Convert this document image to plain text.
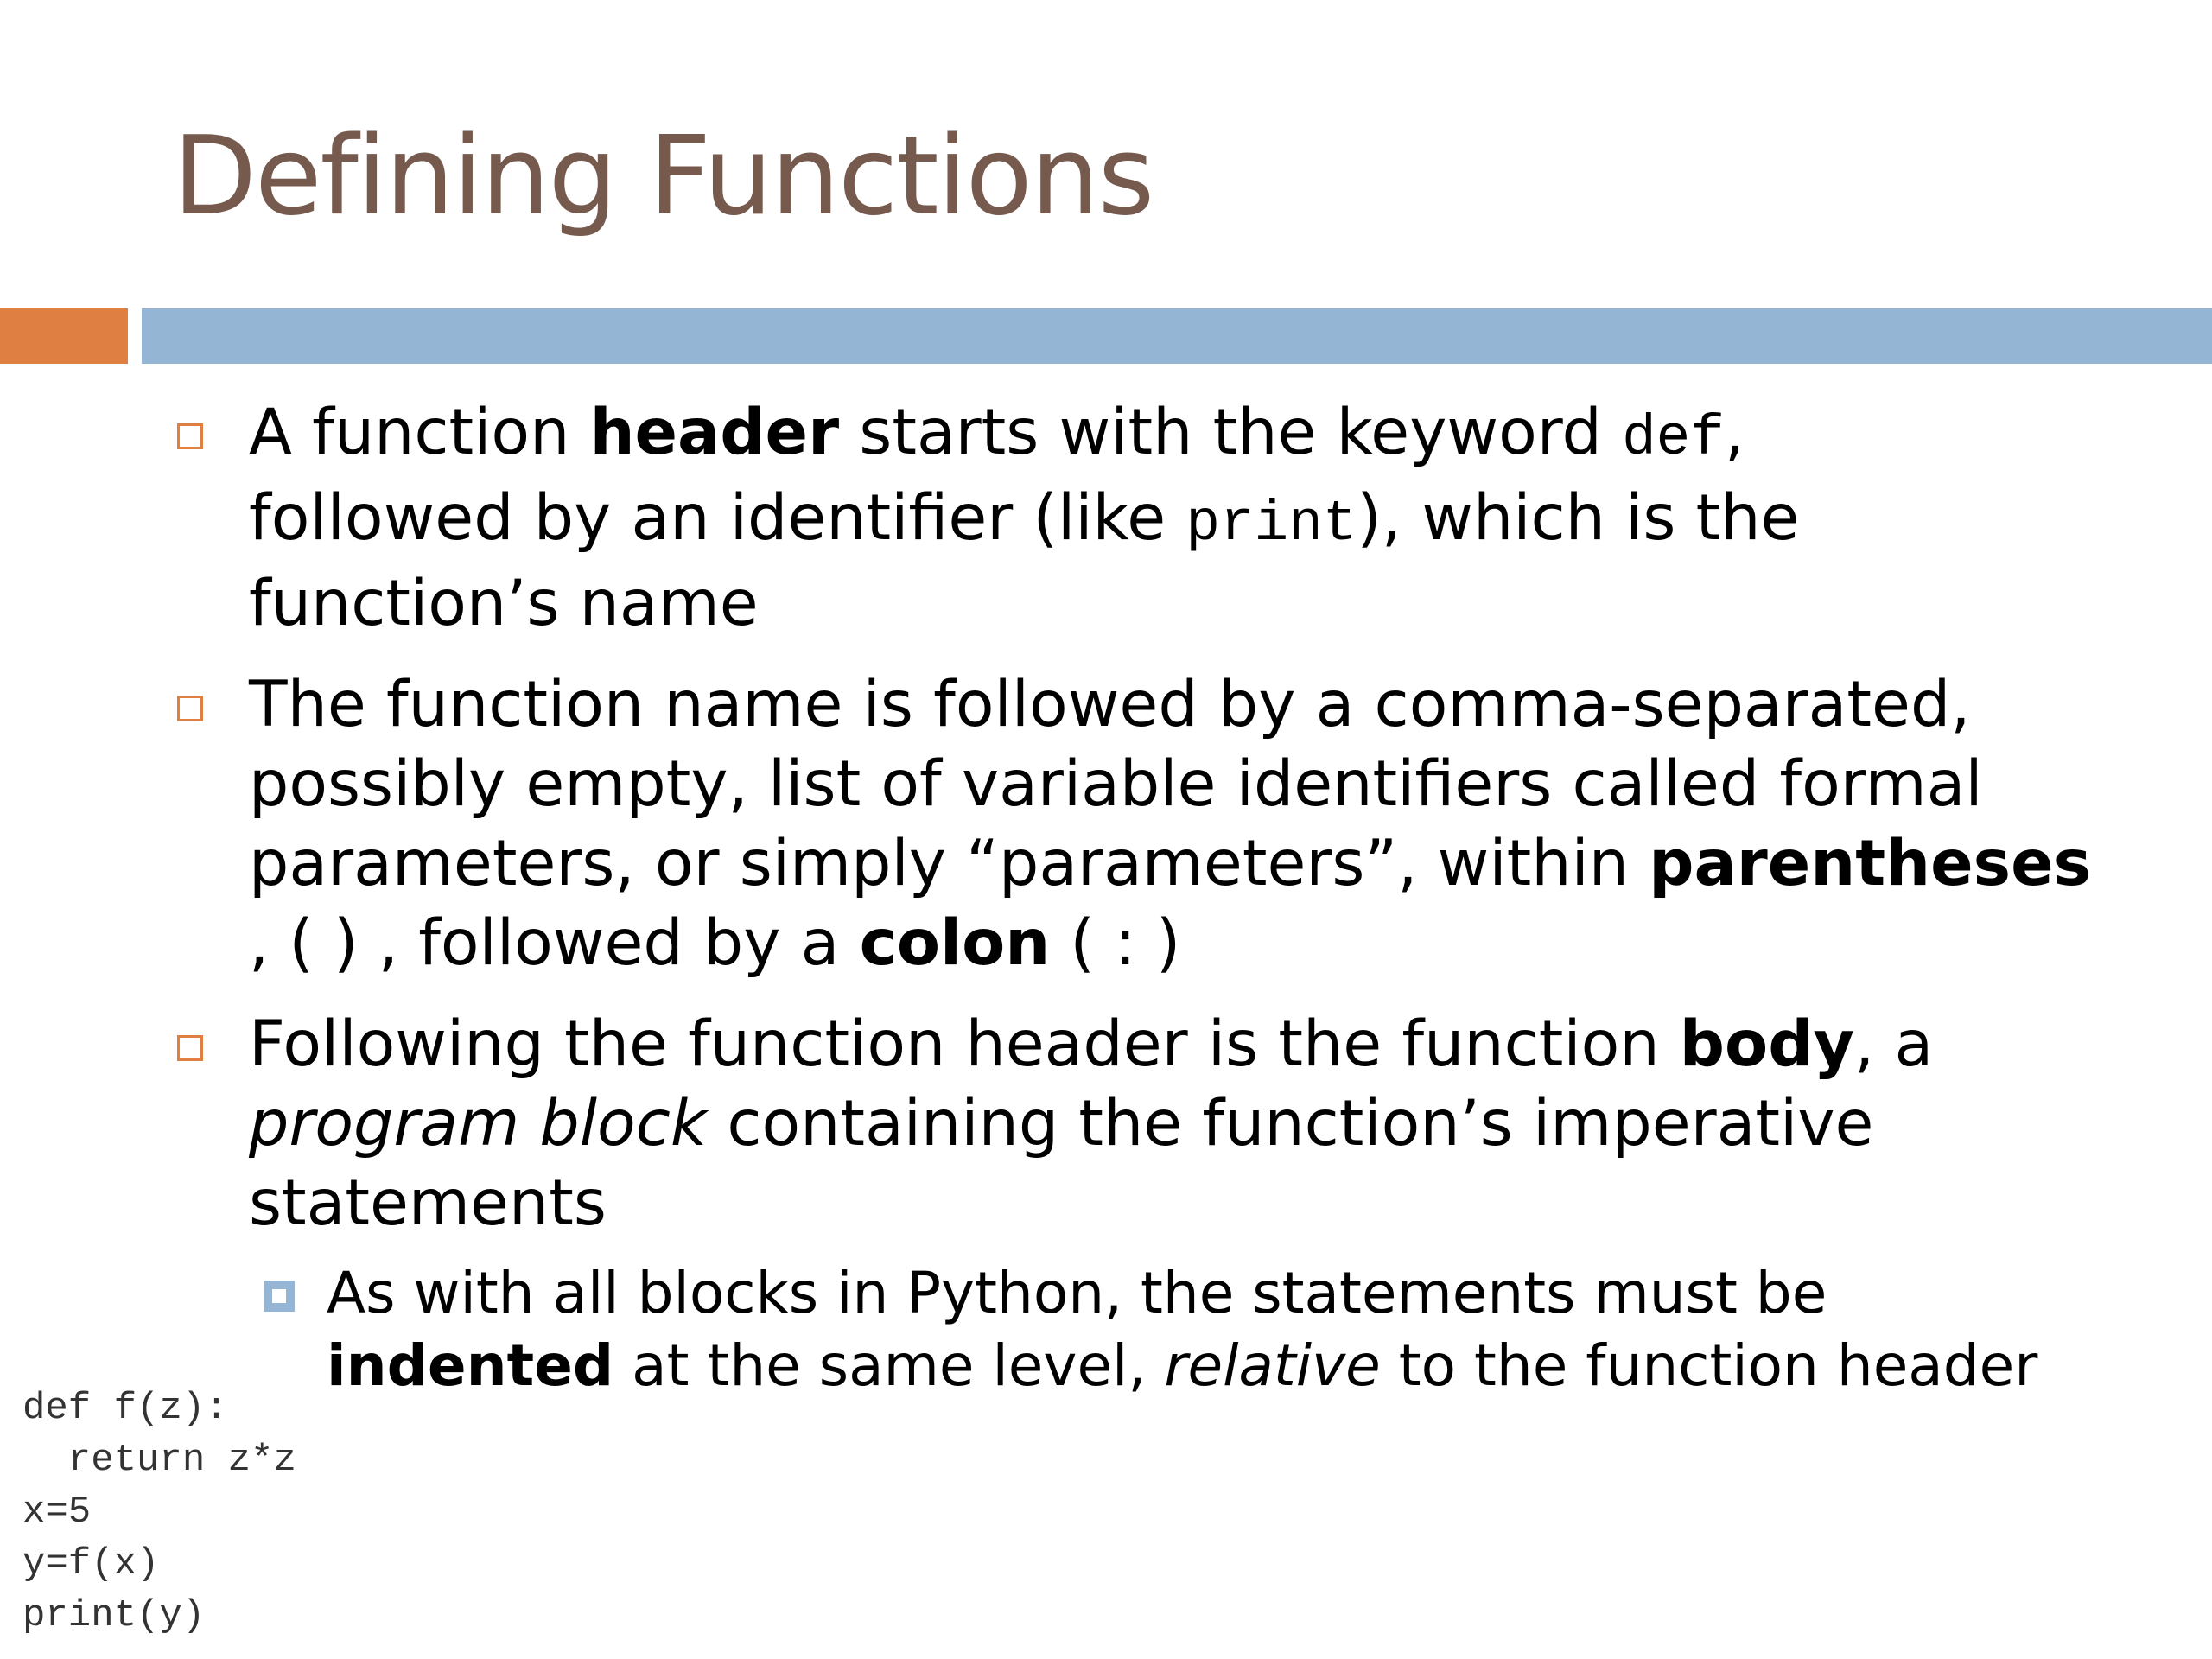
Defining Functions
A function header starts with the keyword def,
followed by an identifier (like print), which is the function’s name
The function name is followed by a comma-separated, possibly empty, list of variable identifiers called formal parameters, or simply “parameters”, within parentheses , ( ) , followed by a colon ( : )
Following the function header is the function body, a program block containing the function’s imperative statements
As with all blocks in Python, the statements must be indented at the same level, relative to the function header
def f(z):
return z*z
x=5
y=f(x)
print(y)
